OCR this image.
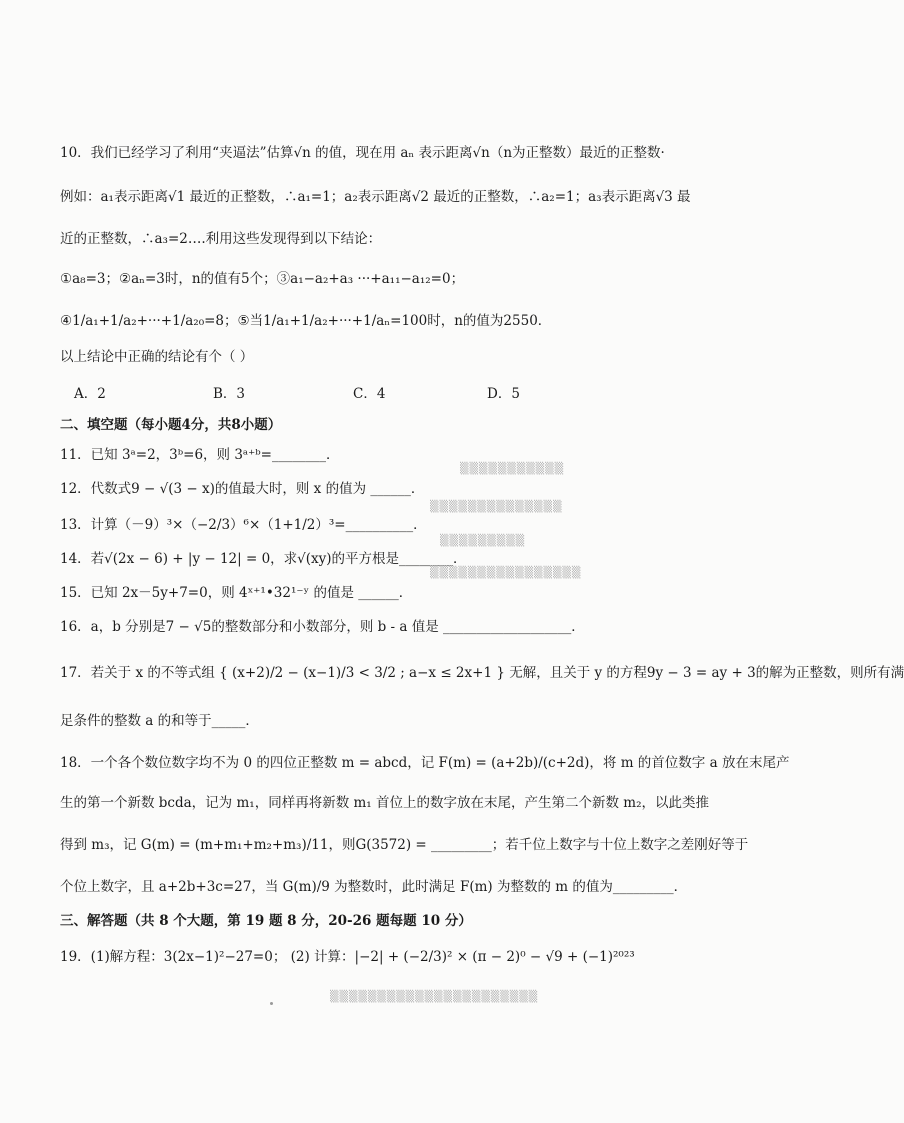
10．我们已经学习了利用“夹逼法”估算√n 的值，现在用 aₙ 表示距离√n（n为正整数）最近的正整数·
例如：a₁表示距离√1 最近的正整数，∴a₁=1；a₂表示距离√2 最近的正整数，∴a₂=1；a₃表示距离√3 最
近的正整数，∴a₃=2….利用这些发现得到以下结论：
①a₈=3；②aₙ=3时，n的值有5个；③a₁−a₂+a₃ ···+a₁₁−a₁₂=0；
④1/a₁+1/a₂+···+1/a₂₀=8；⑤当1/a₁+1/a₂+···+1/aₙ=100时，n的值为2550．
以上结论中正确的结论有个（ ）
A．2	B．3	C．4	D．5
二、填空题（每小题4分，共8小题）
11．已知 3ᵃ=2，3ᵇ=6，则 3ᵃ⁺ᵇ=________．
12．代数式9 − √(3 − x)的值最大时，则 x 的值为 ______．
13．计算（－9）³×（−2/3）⁶×（1+1/2）³=__________．
14．若√(2x − 6) + |y − 12| = 0，求√(xy)的平方根是________．
15．已知 2x－5y+7=0，则 4ˣ⁺¹•32¹⁻ʸ 的值是 ______．
16．a，b 分别是7 − √5的整数部分和小数部分，则 b - a 值是 ___________________．
17．若关于 x 的不等式组 { (x+2)/2 − (x−1)/3 < 3/2 ; a−x ≤ 2x+1 } 无解，且关于 y 的方程9y − 3 = ay + 3的解为正整数，则所有满
足条件的整数 a 的和等于_____．
18．一个各个数位数字均不为 0 的四位正整数 m = abcd，记 F(m) = (a+2b)/(c+2d)，将 m 的首位数字 a 放在末尾产
生的第一个新数 bcda，记为 m₁，同样再将新数 m₁ 首位上的数字放在末尾，产生第二个新数 m₂，以此类推
得到 m₃，记 G(m) = (m+m₁+m₂+m₃)/11，则G(3572) = _________；若千位上数字与十位上数字之差刚好等于
个位上数字，且 a+2b+3c=27，当 G(m)/9 为整数时，此时满足 F(m) 为整数的 m 的值为_________．
三、解答题（共 8 个大题，第 19 题 8 分，20-26 题每题 10 分）
19．(1)解方程：3(2x−1)²−27=0； (2) 计算：|−2| + (−2/3)² × (π − 2)⁰ − √9 + (−1)²⁰²³
▒▒▒▒▒▒▒▒▒▒▒
▒▒▒▒▒▒▒▒▒▒▒▒▒▒
▒▒▒▒▒▒▒▒▒
▒▒▒▒▒▒▒▒▒▒▒▒▒▒▒▒
▒▒▒▒▒▒▒▒▒▒▒▒▒▒▒▒▒▒▒▒▒▒
